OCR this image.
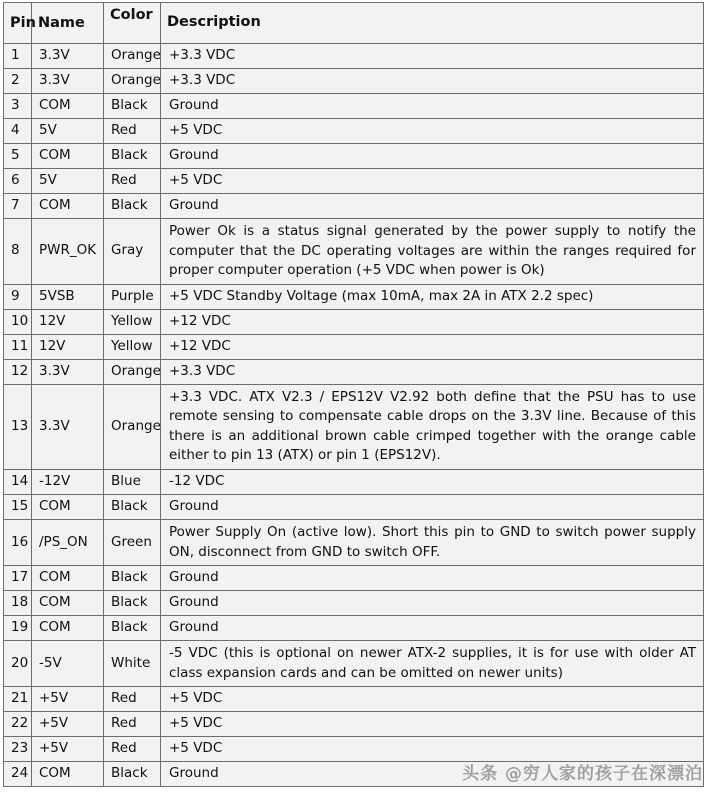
Pin	Name	Color	Description

1	3.3V	Orange	+3.3 VDC

2	3.3V	Orange	+3.3 VDC

3	COM	Black	Ground

4	5V	Red	+5 VDC

5	COM	Black	Ground

6	5V	Red	+5 VDC

7	COM	Black	Ground

8	PWR_OK	Gray	Power Ok is a status signal generated by the power supply to notify the computer that the DC operating voltages are within the ranges required for proper computer operation (+5 VDC when power is Ok)

9	5VSB	Purple	+5 VDC Standby Voltage (max 10mA, max 2A in ATX 2.2 spec)

10	12V	Yellow	+12 VDC

11	12V	Yellow	+12 VDC

12	3.3V	Orange	+3.3 VDC

13	3.3V	Orange	+3.3 VDC. ATX V2.3 / EPS12V V2.92 both define that the PSU has to use remote sensing to compensate cable drops on the 3.3V line. Because of this there is an additional brown cable crimped together with the orange cable either to pin 13 (ATX) or pin 1 (EPS12V).

14	-12V	Blue	-12 VDC

15	COM	Black	Ground

16	/PS_ON	Green	Power Supply On (active low). Short this pin to GND to switch power supply ON, disconnect from GND to switch OFF.

17	COM	Black	Ground

18	COM	Black	Ground

19	COM	Black	Ground

20	-5V	White	-5 VDC (this is optional on newer ATX-2 supplies, it is for use with older AT class expansion cards and can be omitted on newer units)

21	+5V	Red	+5 VDC

22	+5V	Red	+5 VDC

23	+5V	Red	+5 VDC

24	COM	Black	Ground	头条 @穷人家的孩子在深漂泊
